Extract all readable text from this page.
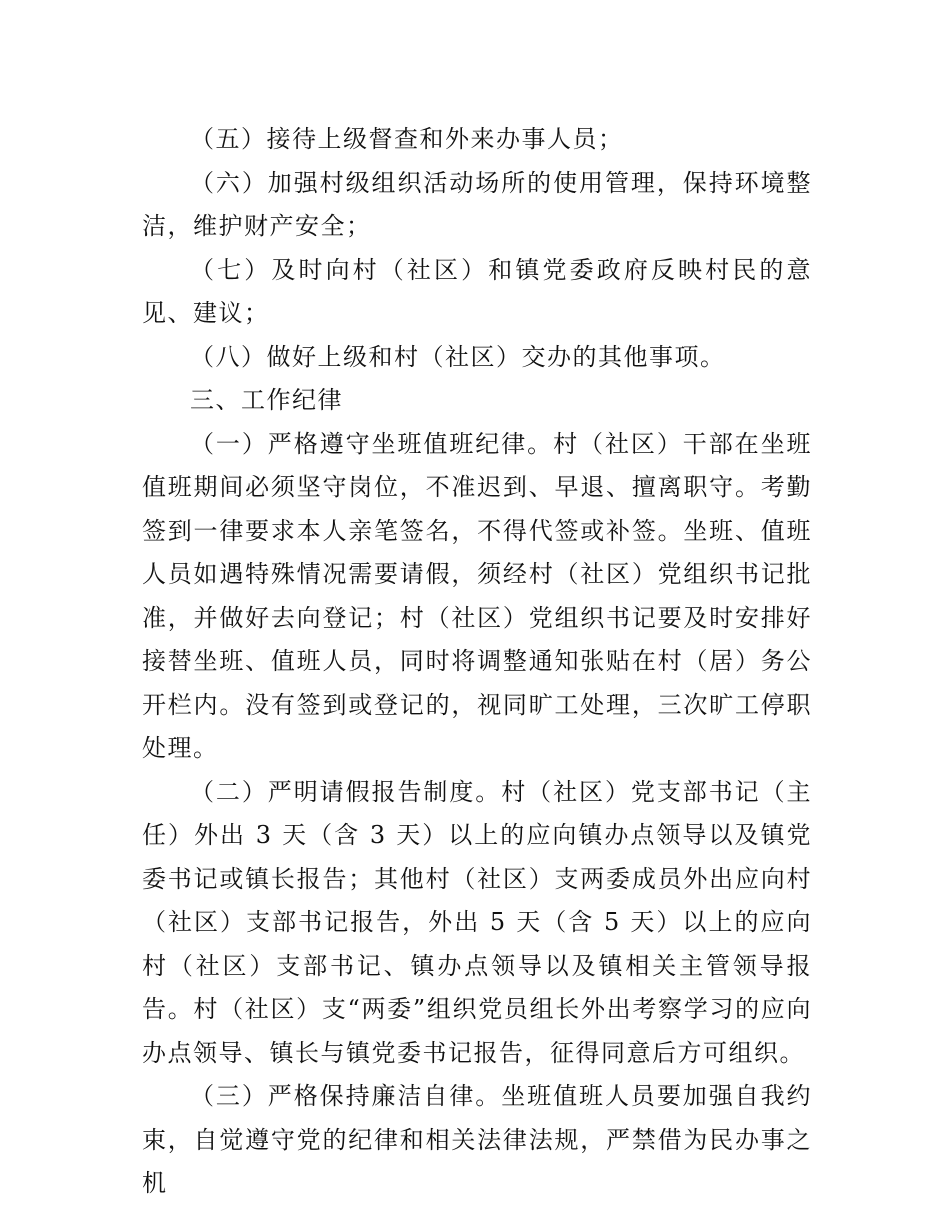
（五）接待上级督查和外来办事人员；

（六）加强村级组织活动场所的使用管理，保持环境整洁，维护财产安全；

（七）及时向村（社区）和镇党委政府反映村民的意见、建议；

（八）做好上级和村（社区）交办的其他事项。

三、工作纪律

（一）严格遵守坐班值班纪律。村（社区）干部在坐班值班期间必须坚守岗位，不准迟到、早退、擅离职守。考勤签到一律要求本人亲笔签名，不得代签或补签。坐班、值班人员如遇特殊情况需要请假，须经村（社区）党组织书记批准，并做好去向登记；村（社区）党组织书记要及时安排好接替坐班、值班人员，同时将调整通知张贴在村（居）务公开栏内。没有签到或登记的，视同旷工处理，三次旷工停职处理。

（二）严明请假报告制度。村（社区）党支部书记（主任）外出 3 天（含 3 天）以上的应向镇办点领导以及镇党委书记或镇长报告；其他村（社区）支两委成员外出应向村（社区）支部书记报告，外出 5 天（含 5 天）以上的应向村（社区）支部书记、镇办点领导以及镇相关主管领导报告。村（社区）支“两委”组织党员组长外出考察学习的应向办点领导、镇长与镇党委书记报告，征得同意后方可组织。

（三）严格保持廉洁自律。坐班值班人员要加强自我约束，自觉遵守党的纪律和相关法律法规，严禁借为民办事之机
